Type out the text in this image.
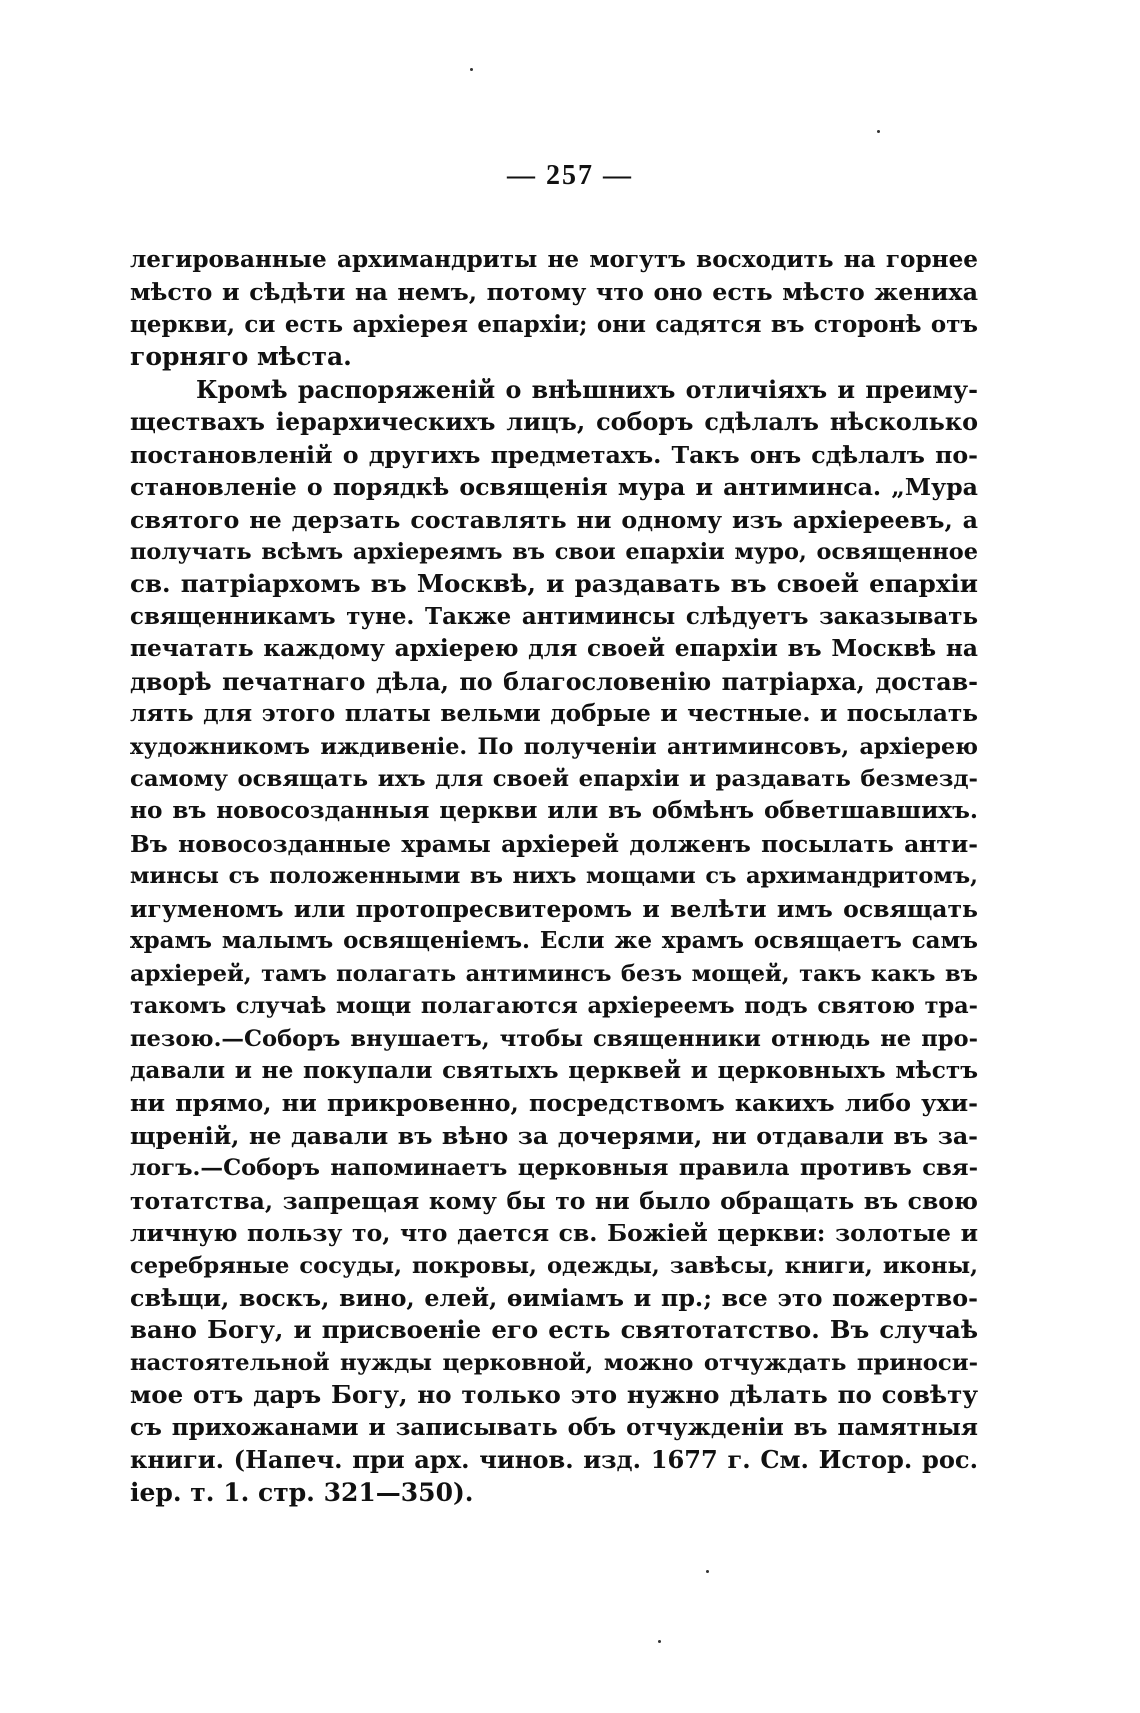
— 257 —
легированные архимандриты не могутъ восходить на горнее
мѣсто и сѣдѣти на немъ, потому что оно есть мѣсто жениха
церкви, си есть архіерея епархіи; они садятся въ сторонѣ отъ
горняго мѣста.
Кромѣ распоряженій о внѣшнихъ отличіяхъ и преиму-
ществахъ іерархическихъ лицъ, соборъ сдѣлалъ нѣсколько
постановленій о другихъ предметахъ. Такъ онъ сдѣлалъ по-
становленіе о порядкѣ освященія мура и антиминса. „Мура
святого не дерзать составлять ни одному изъ архіереевъ, а
получать всѣмъ архіереямъ въ свои епархіи муро, освященное
св. патріархомъ въ Москвѣ, и раздавать въ своей епархіи
священникамъ туне. Также антиминсы слѣдуетъ заказывать
печатать каждому архіерею для своей епархіи въ Москвѣ на
дворѣ печатнаго дѣла, по благословенію патріарха, достав-
лять для этого платы вельми добрые и честные. и посылать
художникомъ иждивеніе. По полученіи антиминсовъ, архіерею
самому освящать ихъ для своей епархіи и раздавать безмезд-
но въ новосозданныя церкви или въ обмѣнъ обветшавшихъ.
Въ новосозданные храмы архіерей долженъ посылать анти-
минсы съ положенными въ нихъ мощами съ архимандритомъ,
игуменомъ или протопресвитеромъ и велѣти имъ освящать
храмъ малымъ освященіемъ. Если же храмъ освящаетъ самъ
архіерей, тамъ полагать антиминсъ безъ мощей, такъ какъ въ
такомъ случаѣ мощи полагаются архіереемъ подъ святою тра-
пезою.—Соборъ внушаетъ, чтобы священники отнюдь не про-
давали и не покупали святыхъ церквей и церковныхъ мѣстъ
ни прямо, ни прикровенно, посредствомъ какихъ либо ухи-
щреній, не давали въ вѣно за дочерями, ни отдавали въ за-
логъ.—Соборъ напоминаетъ церковныя правила противъ свя-
тотатства, запрещая кому бы то ни было обращать въ свою
личную пользу то, что дается св. Божіей церкви: золотые и
серебряные сосуды, покровы, одежды, завѣсы, книги, иконы,
свѣщи, воскъ, вино, елей, ѳиміамъ и пр.; все это пожертво-
вано Богу, и присвоеніе его есть святотатство. Въ случаѣ
настоятельной нужды церковной, можно отчуждать приноси-
мое отъ даръ Богу, но только это нужно дѣлать по совѣту
съ прихожанами и записывать объ отчужденіи въ памятныя
книги. (Напеч. при арх. чинов. изд. 1677 г. См. Истор. рос.
іер. т. 1. стр. 321—350).
